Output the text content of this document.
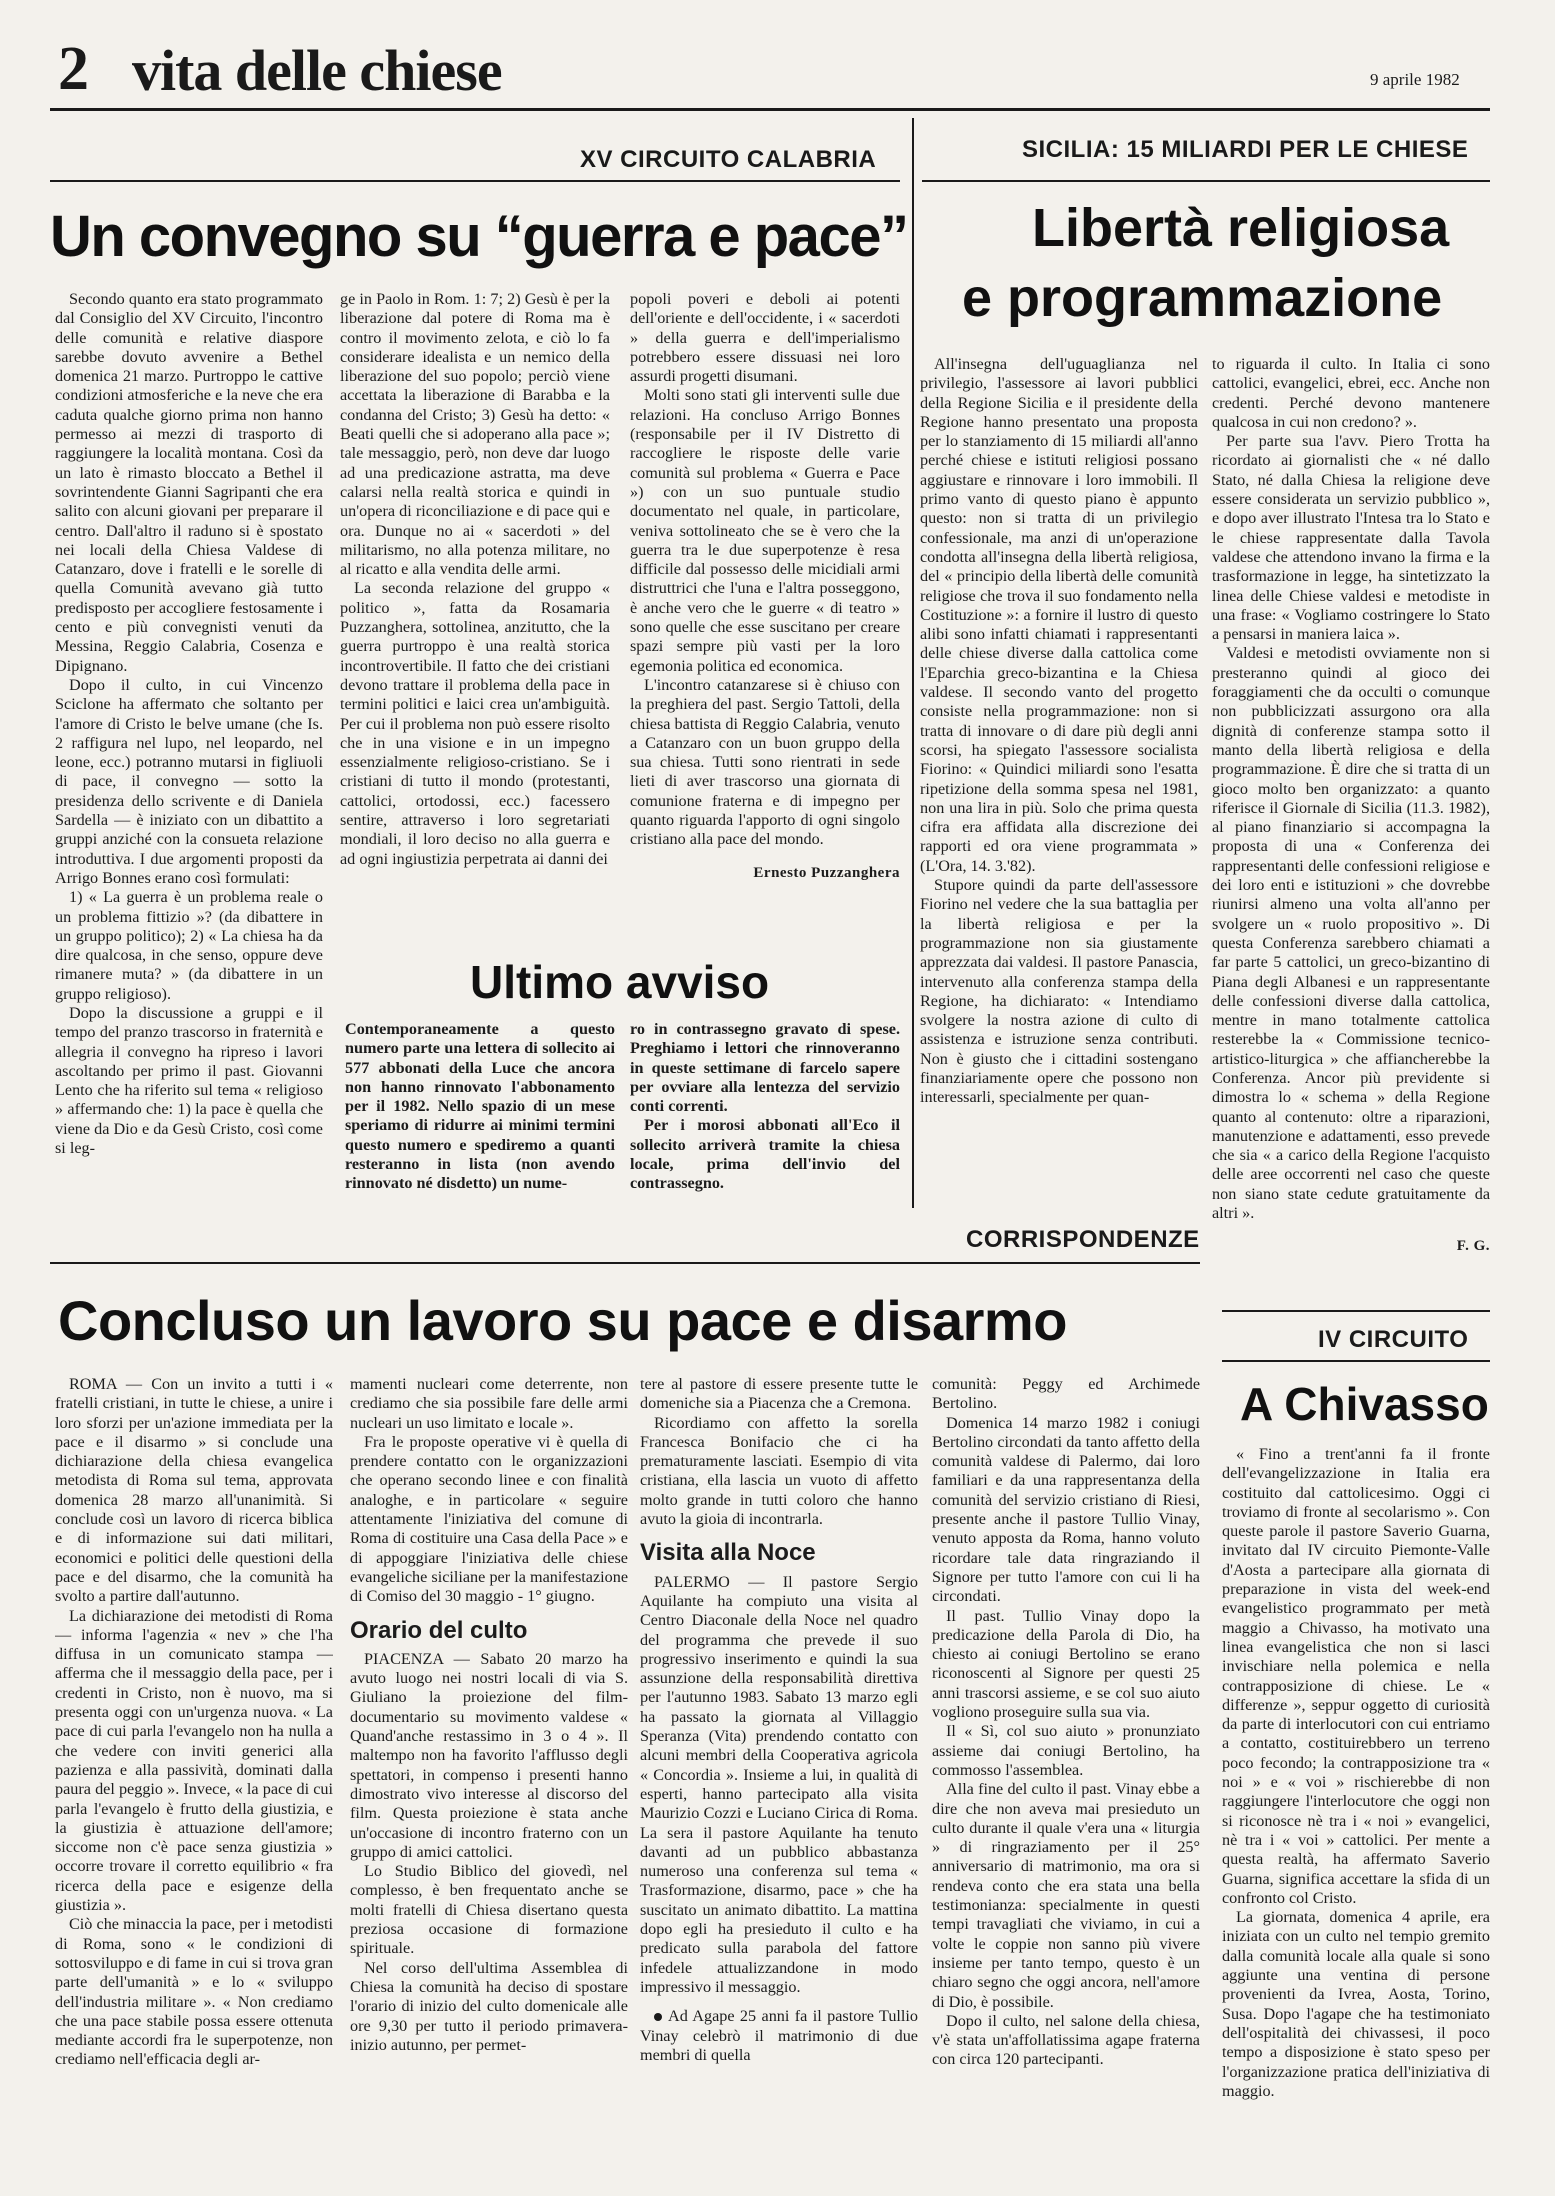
2 vita delle chiese	9 aprile 1982
XV CIRCUITO CALABRIA
Un convegno su “guerra e pace”

Secondo quanto era stato programmato dal Consiglio del XV Circuito, l'incontro delle comunità e relative diaspore sarebbe dovuto avvenire a Bethel domenica 21 marzo. Purtroppo le cattive condizioni atmosferiche e la neve che era caduta qualche giorno prima non hanno permesso ai mezzi di trasporto di raggiungere la località montana. Così da un lato è rimasto bloccato a Bethel il sovrintendente Gianni Sagripanti che era salito con alcuni giovani per preparare il centro. Dall'altro il raduno si è spostato nei locali della Chiesa Valdese di Catanzaro, dove i fratelli e le sorelle di quella Comunità avevano già tutto predisposto per accogliere festosamente i cento e più convegnisti venuti da Messina, Reggio Calabria, Cosenza e Dipignano.

Dopo il culto, in cui Vincenzo Sciclone ha affermato che soltanto per l'amore di Cristo le belve umane (che Is. 2 raffigura nel lupo, nel leopardo, nel leone, ecc.) potranno mutarsi in figliuoli di pace, il convegno — sotto la presidenza dello scrivente e di Daniela Sardella — è iniziato con un dibattito a gruppi anziché con la consueta relazione introduttiva. I due argomenti proposti da Arrigo Bonnes erano così formulati:

1) « La guerra è un problema reale o un problema fittizio »? (da dibattere in un gruppo politico); 2) « La chiesa ha da dire qualcosa, in che senso, oppure deve rimanere muta? » (da dibattere in un gruppo religioso).

Dopo la discussione a gruppi e il tempo del pranzo trascorso in fraternità e allegria il convegno ha ripreso i lavori ascoltando per primo il past. Giovanni Lento che ha riferito sul tema « religioso » affermando che: 1) la pace è quella che viene da Dio e da Gesù Cristo, così come si leg-

ge in Paolo in Rom. 1: 7; 2) Gesù è per la liberazione dal potere di Roma ma è contro il movimento zelota, e ciò lo fa considerare idealista e un nemico della liberazione del suo popolo; perciò viene accettata la liberazione di Barabba e la condanna del Cristo; 3) Gesù ha detto: « Beati quelli che si adoperano alla pace »; tale messaggio, però, non deve dar luogo ad una predicazione astratta, ma deve calarsi nella realtà storica e quindi in un'opera di riconciliazione e di pace qui e ora. Dunque no ai « sacerdoti » del militarismo, no alla potenza militare, no al ricatto e alla vendita delle armi.

La seconda relazione del gruppo « politico », fatta da Rosamaria Puzzanghera, sottolinea, anzitutto, che la guerra purtroppo è una realtà storica incontrovertibile. Il fatto che dei cristiani devono trattare il problema della pace in termini politici e laici crea un'ambiguità. Per cui il problema non può essere risolto che in una visione e in un impegno essenzialmente religioso-cristiano. Se i cristiani di tutto il mondo (protestanti, cattolici, ortodossi, ecc.) facessero sentire, attraverso i loro segretariati mondiali, il loro deciso no alla guerra e ad ogni ingiustizia perpetrata ai danni dei

popoli poveri e deboli ai potenti dell'oriente e dell'occidente, i « sacerdoti » della guerra e dell'imperialismo potrebbero essere dissuasi nei loro assurdi progetti disumani.

Molti sono stati gli interventi sulle due relazioni. Ha concluso Arrigo Bonnes (responsabile per il IV Distretto di raccogliere le risposte delle varie comunità sul problema « Guerra e Pace ») con un suo puntuale studio documentato nel quale, in particolare, veniva sottolineato che se è vero che la guerra tra le due superpotenze è resa difficile dal possesso delle micidiali armi distruttrici che l'una e l'altra posseggono, è anche vero che le guerre « di teatro » sono quelle che esse suscitano per creare spazi sempre più vasti per la loro egemonia politica ed economica.

L'incontro catanzarese si è chiuso con la preghiera del past. Sergio Tattoli, della chiesa battista di Reggio Calabria, venuto a Catanzaro con un buon gruppo della sua chiesa. Tutti sono rientrati in sede lieti di aver trascorso una giornata di comunione fraterna e di impegno per quanto riguarda l'apporto di ogni singolo cristiano alla pace del mondo.

Ernesto Puzzanghera
Ultimo avviso

Contemporaneamente a questo numero parte una lettera di sollecito ai 577 abbonati della Luce che ancora non hanno rinnovato l'abbonamento per il 1982. Nello spazio di un mese speriamo di ridurre ai minimi termini questo numero e spediremo a quanti resteranno in lista (non avendo rinnovato né disdetto) un nume-

ro in contrassegno gravato di spese. Preghiamo i lettori che rinnoveranno in queste settimane di farcelo sapere per ovviare alla lentezza del servizio conti correnti.

Per i morosi abbonati all'Eco il sollecito arriverà tramite la chiesa locale, prima dell'invio del contrassegno.

SICILIA: 15 MILIARDI PER LE CHIESE
Libertà religiosa
e programmazione

All'insegna dell'uguaglianza nel privilegio, l'assessore ai lavori pubblici della Regione Sicilia e il presidente della Regione hanno presentato una proposta per lo stanziamento di 15 miliardi all'anno perché chiese e istituti religiosi possano aggiustare e rinnovare i loro immobili. Il primo vanto di questo piano è appunto questo: non si tratta di un privilegio confessionale, ma anzi di un'operazione condotta all'insegna della libertà religiosa, del « principio della libertà delle comunità religiose che trova il suo fondamento nella Costituzione »: a fornire il lustro di questo alibi sono infatti chiamati i rappresentanti delle chiese diverse dalla cattolica come l'Eparchia greco-bizantina e la Chiesa valdese. Il secondo vanto del progetto consiste nella programmazione: non si tratta di innovare o di dare più degli anni scorsi, ha spiegato l'assessore socialista Fiorino: « Quindici miliardi sono l'esatta ripetizione della somma spesa nel 1981, non una lira in più. Solo che prima questa cifra era affidata alla discrezione dei rapporti ed ora viene programmata » (L'Ora, 14. 3.'82).

Stupore quindi da parte dell'assessore Fiorino nel vedere che la sua battaglia per la libertà religiosa e per la programmazione non sia giustamente apprezzata dai valdesi. Il pastore Panascia, intervenuto alla conferenza stampa della Regione, ha dichiarato: « Intendiamo svolgere la nostra azione di culto di assistenza e istruzione senza contributi. Non è giusto che i cittadini sostengano finanziariamente opere che possono non interessarli, specialmente per quan-

to riguarda il culto. In Italia ci sono cattolici, evangelici, ebrei, ecc. Anche non credenti. Perché devono mantenere qualcosa in cui non credono? ».

Per parte sua l'avv. Piero Trotta ha ricordato ai giornalisti che « né dallo Stato, né dalla Chiesa la religione deve essere considerata un servizio pubblico », e dopo aver illustrato l'Intesa tra lo Stato e le chiese rappresentate dalla Tavola valdese che attendono invano la firma e la trasformazione in legge, ha sintetizzato la linea delle Chiese valdesi e metodiste in una frase: « Vogliamo costringere lo Stato a pensarsi in maniera laica ».

Valdesi e metodisti ovviamente non si presteranno quindi al gioco dei foraggiamenti che da occulti o comunque non pubblicizzati assurgono ora alla dignità di conferenze stampa sotto il manto della libertà religiosa e della programmazione. È dire che si tratta di un gioco molto ben organizzato: a quanto riferisce il Giornale di Sicilia (11.3. 1982), al piano finanziario si accompagna la proposta di una « Conferenza dei rappresentanti delle confessioni religiose e dei loro enti e istituzioni » che dovrebbe riunirsi almeno una volta all'anno per svolgere un « ruolo propositivo ». Di questa Conferenza sarebbero chiamati a far parte 5 cattolici, un greco-bizantino di Piana degli Albanesi e un rappresentante delle confessioni diverse dalla cattolica, mentre in mano totalmente cattolica resterebbe la « Commissione tecnico-artistico-liturgica » che affiancherebbe la Conferenza. Ancor più previdente si dimostra lo « schema » della Regione quanto al contenuto: oltre a riparazioni, manutenzione e adattamenti, esso prevede che sia « a carico della Regione l'acquisto delle aree occorrenti nel caso che queste non siano state cedute gratuitamente da altri ».

F. G.
CORRISPONDENZE
Concluso un lavoro su pace e disarmo

ROMA — Con un invito a tutti i « fratelli cristiani, in tutte le chiese, a unire i loro sforzi per un'azione immediata per la pace e il disarmo » si conclude una dichiarazione della chiesa evangelica metodista di Roma sul tema, approvata domenica 28 marzo all'unanimità. Si conclude così un lavoro di ricerca biblica e di informazione sui dati militari, economici e politici delle questioni della pace e del disarmo, che la comunità ha svolto a partire dall'autunno.

La dichiarazione dei metodisti di Roma — informa l'agenzia « nev » che l'ha diffusa in un comunicato stampa — afferma che il messaggio della pace, per i credenti in Cristo, non è nuovo, ma si presenta oggi con un'urgenza nuova. « La pace di cui parla l'evangelo non ha nulla a che vedere con inviti generici alla pazienza e alla passività, dominati dalla paura del peggio ». Invece, « la pace di cui parla l'evangelo è frutto della giustizia, e la giustizia è attuazione dell'amore; siccome non c'è pace senza giustizia » occorre trovare il corretto equilibrio « fra ricerca della pace e esigenze della giustizia ».

Ciò che minaccia la pace, per i metodisti di Roma, sono « le condizioni di sottosviluppo e di fame in cui si trova gran parte dell'umanità » e lo « sviluppo dell'industria militare ». « Non crediamo che una pace stabile possa essere ottenuta mediante accordi fra le superpotenze, non crediamo nell'efficacia degli ar-

mamenti nucleari come deterrente, non crediamo che sia possibile fare delle armi nucleari un uso limitato e locale ».

Fra le proposte operative vi è quella di prendere contatto con le organizzazioni che operano secondo linee e con finalità analoghe, e in particolare « seguire attentamente l'iniziativa del comune di Roma di costituire una Casa della Pace » e di appoggiare l'iniziativa delle chiese evangeliche siciliane per la manifestazione di Comiso del 30 maggio - 1° giugno.

Orario del culto

PIACENZA — Sabato 20 marzo ha avuto luogo nei nostri locali di via S. Giuliano la proiezione del film-documentario su movimento valdese « Quand'anche restassimo in 3 o 4 ». Il maltempo non ha favorito l'afflusso degli spettatori, in compenso i presenti hanno dimostrato vivo interesse al discorso del film. Questa proiezione è stata anche un'occasione di incontro fraterno con un gruppo di amici cattolici.

Lo Studio Biblico del giovedì, nel complesso, è ben frequentato anche se molti fratelli di Chiesa disertano questa preziosa occasione di formazione spirituale.

Nel corso dell'ultima Assemblea di Chiesa la comunità ha deciso di spostare l'orario di inizio del culto domenicale alle ore 9,30 per tutto il periodo primavera-inizio autunno, per permet-

tere al pastore di essere presente tutte le domeniche sia a Piacenza che a Cremona.

Ricordiamo con affetto la sorella Francesca Bonifacio che ci ha prematuramente lasciati. Esempio di vita cristiana, ella lascia un vuoto di affetto molto grande in tutti coloro che hanno avuto la gioia di incontrarla.

Visita alla Noce

PALERMO — Il pastore Sergio Aquilante ha compiuto una visita al Centro Diaconale della Noce nel quadro del programma che prevede il suo progressivo inserimento e quindi la sua assunzione della responsabilità direttiva per l'autunno 1983. Sabato 13 marzo egli ha passato la giornata al Villaggio Speranza (Vita) prendendo contatto con alcuni membri della Cooperativa agricola « Concordia ». Insieme a lui, in qualità di esperti, hanno partecipato alla visita Maurizio Cozzi e Luciano Cirica di Roma. La sera il pastore Aquilante ha tenuto davanti ad un pubblico abbastanza numeroso una conferenza sul tema « Trasformazione, disarmo, pace » che ha suscitato un animato dibattito. La mattina dopo egli ha presieduto il culto e ha predicato sulla parabola del fattore infedele attualizzandone in modo impressivo il messaggio.

Ad Agape 25 anni fa il pastore Tullio Vinay celebrò il matrimonio di due membri di quella

comunità: Peggy ed Archimede Bertolino.

Domenica 14 marzo 1982 i coniugi Bertolino circondati da tanto affetto della comunità valdese di Palermo, dai loro familiari e da una rappresentanza della comunità del servizio cristiano di Riesi, presente anche il pastore Tullio Vinay, venuto apposta da Roma, hanno voluto ricordare tale data ringraziando il Signore per tutto l'amore con cui li ha circondati.

Il past. Tullio Vinay dopo la predicazione della Parola di Dio, ha chiesto ai coniugi Bertolino se erano riconoscenti al Signore per questi 25 anni trascorsi assieme, e se col suo aiuto vogliono proseguire sulla sua via.

Il « Sì, col suo aiuto » pronunziato assieme dai coniugi Bertolino, ha commosso l'assemblea.

Alla fine del culto il past. Vinay ebbe a dire che non aveva mai presieduto un culto durante il quale v'era una « liturgia » di ringraziamento per il 25° anniversario di matrimonio, ma ora si rendeva conto che era stata una bella testimonianza: specialmente in questi tempi travagliati che viviamo, in cui a volte le coppie non sanno più vivere insieme per tanto tempo, questo è un chiaro segno che oggi ancora, nell'amore di Dio, è possibile.

Dopo il culto, nel salone della chiesa, v'è stata un'affollatissima agape fraterna con circa 120 partecipanti.

IV CIRCUITO
A Chivasso

« Fino a trent'anni fa il fronte dell'evangelizzazione in Italia era costituito dal cattolicesimo. Oggi ci troviamo di fronte al secolarismo ». Con queste parole il pastore Saverio Guarna, invitato dal IV circuito Piemonte-Valle d'Aosta a partecipare alla giornata di preparazione in vista del week-end evangelistico programmato per metà maggio a Chivasso, ha motivato una linea evangelistica che non si lasci invischiare nella polemica e nella contrapposizione di chiese. Le « differenze », seppur oggetto di curiosità da parte di interlocutori con cui entriamo a contatto, costituirebbero un terreno poco fecondo; la contrapposizione tra « noi » e « voi » rischierebbe di non raggiungere l'interlocutore che oggi non si riconosce nè tra i « noi » evangelici, nè tra i « voi » cattolici. Per mente a questa realtà, ha affermato Saverio Guarna, significa accettare la sfida di un confronto col Cristo.

La giornata, domenica 4 aprile, era iniziata con un culto nel tempio gremito dalla comunità locale alla quale si sono aggiunte una ventina di persone provenienti da Ivrea, Aosta, Torino, Susa. Dopo l'agape che ha testimoniato dell'ospitalità dei chivassesi, il poco tempo a disposizione è stato speso per l'organizzazione pratica dell'iniziativa di maggio.
